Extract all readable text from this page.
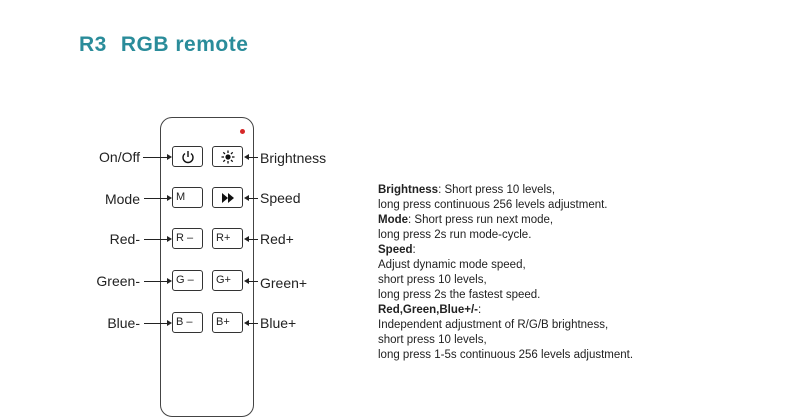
R3 RGB remote
M
R – R+
G – G+
B – B+
On/Off
Mode
Red-
Green-
Blue-
Brightness
Speed
Red+
Green+
Blue+
Brightness: Short press 10 levels,
long press continuous 256 levels adjustment.
Mode: Short press run next mode,
long press 2s run mode-cycle.
Speed:
Adjust dynamic mode speed,
short press 10 levels,
long press 2s the fastest speed.
Red,Green,Blue+/-:
Independent adjustment of R/G/B brightness,
short press 10 levels,
long press 1-5s continuous 256 levels adjustment.
